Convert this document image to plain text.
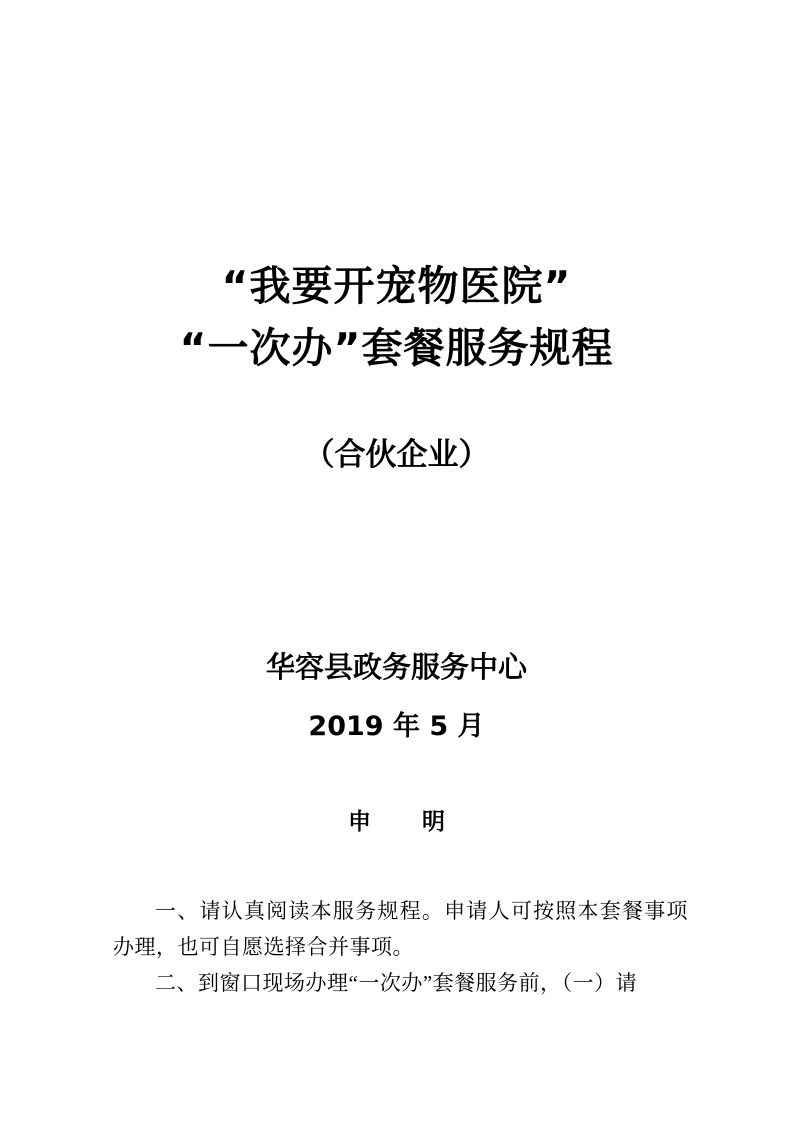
“我要开宠物医院”
“一次办”套餐服务规程
（合伙企业）
华容县政务服务中心
2019 年 5 月
申　明

一、请认真阅读本服务规程。申请人可按照本套餐事项办理，也可自愿选择合并事项。

二、到窗口现场办理“一次办”套餐服务前，（一）请
